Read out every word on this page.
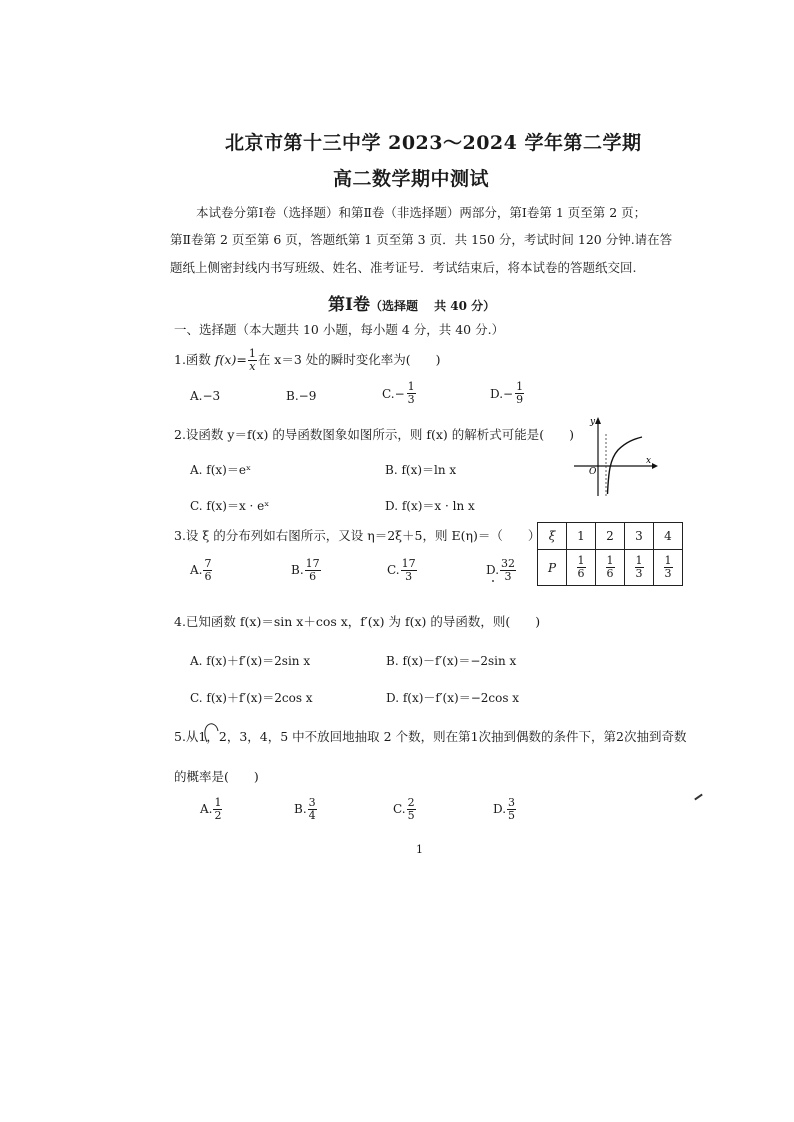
北京市第十三中学 2023～2024 学年第二学期
高二数学期中测试
本试卷分第Ⅰ卷（选择题）和第Ⅱ卷（非选择题）两部分，第Ⅰ卷第 1 页至第 2 页；
第Ⅱ卷第 2 页至第 6 页，答题纸第 1 页至第 3 页．共 150 分，考试时间 120 分钟.请在答
题纸上侧密封线内书写班级、姓名、准考证号．考试结束后，将本试卷的答题纸交回.
第Ⅰ卷（选择题　 共 40 分）
一、选择题（本大题共 10 小题，每小题 4 分，共 40 分.）
1.函数 $f(x)= \frac{1}{x}$ 在 x＝3 处的瞬时变化率为(　　)
A.−3	B.−9	$C.- \frac{1}{3}$	$D.- \frac{1}{9}$
2.设函数 y＝f(x) 的导函数图象如图所示，则 f(x) 的解析式可能是(　　)
A. f(x)＝eˣ	B. f(x)＝ln x
C. f(x)＝x · eˣ	D. f(x)＝x · ln x
y
x
O
3.设 ξ 的分布列如右图所示，又设 η＝2ξ＋5，则 E(η)＝（　　）
A. $\frac{7}{6}$	B. $\frac{17}{6}$	C. $\frac{17}{3}$	D. $\frac{32}{3}$
ξ	1	2	3	4
P	$\frac{1}{6}$	$\frac{1}{6}$	$\frac{1}{3}$	$\frac{1}{3}$
4.已知函数 f(x)＝sin x＋cos x，f′(x) 为 f(x) 的导函数，则(　　)
A. f(x)＋f′(x)＝2sin x	B. f(x)－f′(x)＝−2sin x
C. f(x)＋f′(x)＝2cos x	D. f(x)－f′(x)＝−2cos x
5.从1，2，3，4，5 中不放回地抽取 2 个数，则在第1次抽到偶数的条件下，第2次抽到奇数
的概率是(　　)
A. $\frac{1}{2}$	B. $\frac{3}{4}$	C. $\frac{2}{5}$	D. $\frac{3}{5}$
1
